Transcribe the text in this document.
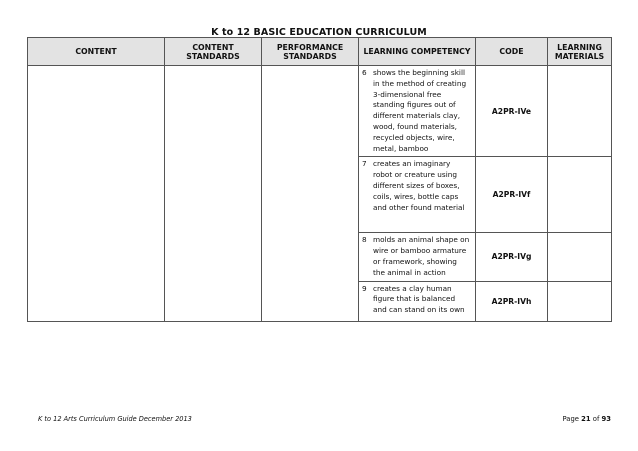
K to 12 BASIC EDUCATION CURRICULUM
CONTENT	CONTENT STANDARDS	PERFORMANCE STANDARDS	LEARNING COMPETENCY	CODE	LEARNING MATERIALS

			6 shows the beginning skill in the method of creating 3-dimensional free standing figures out of different materials clay, wood, found materials, recycled objects, wire, metal, bamboo	A2PR-IVe	

			7 creates an imaginary robot or creature using different sizes of boxes, coils, wires, bottle caps and other found material	A2PR-IVf	

			8 molds an animal shape on wire or bamboo armature or framework, showing the animal in action	A2PR-IVg	

			9 creates a clay human figure that is balanced and can stand on its own	A2PR-IVh	
K to 12 Arts Curriculum Guide December 2013	Page 21 of 93
